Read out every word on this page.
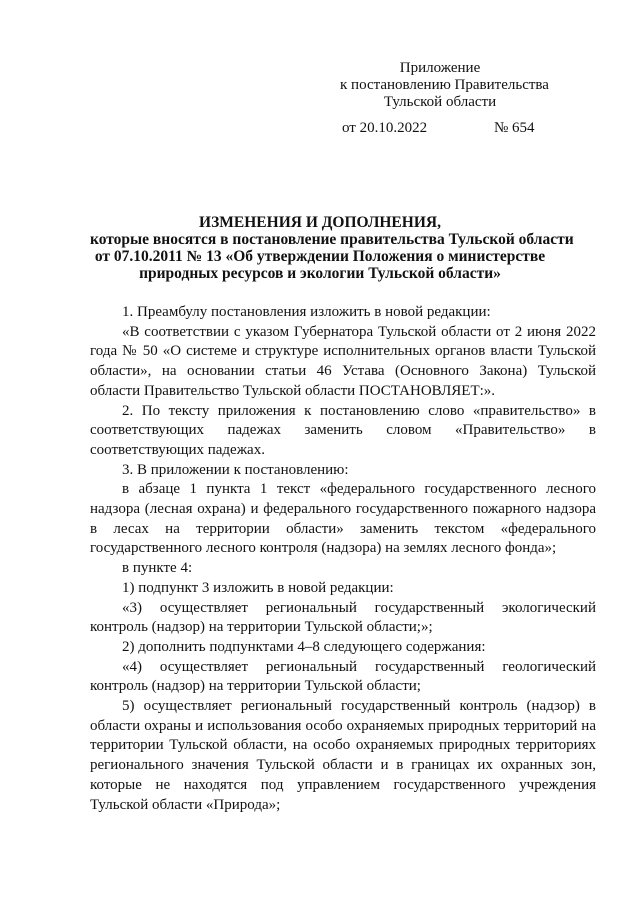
Приложение
к постановлению Правительства
Тульской области
от 20.10.2022	№ 654
ИЗМЕНЕНИЯ И ДОПОЛНЕНИЯ,
которые вносятся в постановление правительства Тульской области
от 07.10.2011 № 13 «Об утверждении Положения о министерстве
природных ресурсов и экологии Тульской области»

1. Преамбулу постановления изложить в новой редакции:

«В соответствии с указом Губернатора Тульской области от 2 июня 2022 года № 50 «О системе и структуре исполнительных органов власти Тульской области», на основании статьи 46 Устава (Основного Закона) Тульской области Правительство Тульской области ПОСТАНОВЛЯЕТ:».

2. По тексту приложения к постановлению слово «правительство» в соответствующих падежах заменить словом «Правительство» в соответствующих падежах.

3. В приложении к постановлению:

в абзаце 1 пункта 1 текст «федерального государственного лесного надзора (лесная охрана) и федерального государственного пожарного надзора в лесах на территории области» заменить текстом «федерального государственного лесного контроля (надзора) на землях лесного фонда»;

в пункте 4:

1) подпункт 3 изложить в новой редакции:

«3) осуществляет региональный государственный экологический контроль (надзор) на территории Тульской области;»;

2) дополнить подпунктами 4–8 следующего содержания:

«4) осуществляет региональный государственный геологический контроль (надзор) на территории Тульской области;

5) осуществляет региональный государственный контроль (надзор) в области охраны и использования особо охраняемых природных территорий на территории Тульской области, на особо охраняемых природных территориях регионального значения Тульской области и в границах их охранных зон, которые не находятся под управлением государственного учреждения Тульской области «Природа»;
